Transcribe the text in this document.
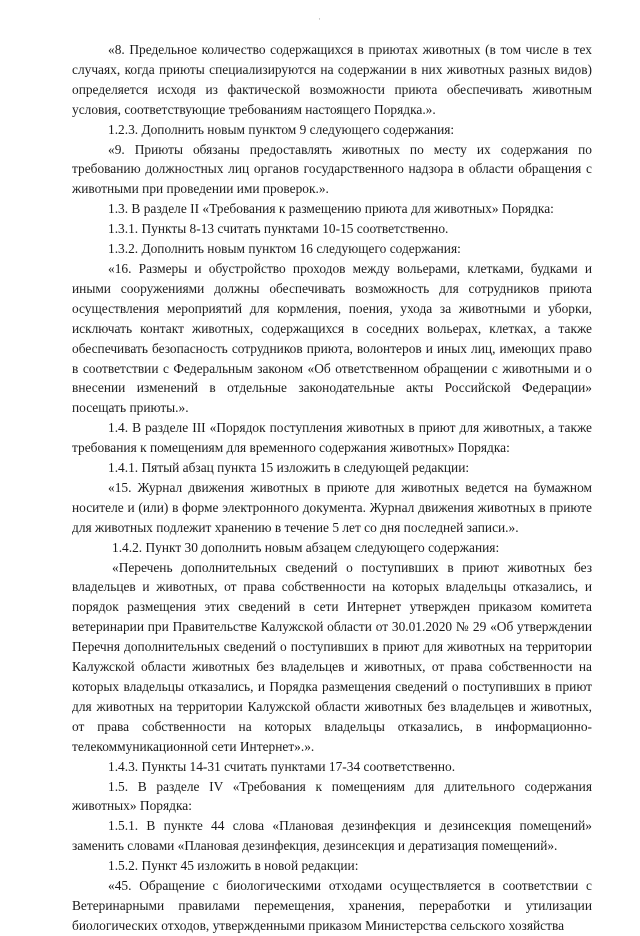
·

«8. Предельное количество содержащихся в приютах животных (в том числе в тех случаях, когда приюты специализируются на содержании в них животных разных видов) определяется исходя из фактической возможности приюта обеспечивать животным условия, соответствующие требованиям настоящего Порядка.».

1.2.3. Дополнить новым пунктом 9 следующего содержания:

«9. Приюты обязаны предоставлять животных по месту их содержания по требованию должностных лиц органов государственного надзора в области обращения с животными при проведении ими проверок.».

1.3. В разделе II «Требования к размещению приюта для животных» Порядка:

1.3.1. Пункты 8-13 считать пунктами 10-15 соответственно.

1.3.2. Дополнить новым пунктом 16 следующего содержания:

«16. Размеры и обустройство проходов между вольерами, клетками, будками и иными сооружениями должны обеспечивать возможность для сотрудников приюта осуществления мероприятий для кормления, поения, ухода за животными и уборки, исключать контакт животных, содержащихся в соседних вольерах, клетках, а также обеспечивать безопасность сотрудников приюта, волонтеров и иных лиц, имеющих право в соответствии с Федеральным законом «Об ответственном обращении с животными и о внесении изменений в отдельные законодательные акты Российской Федерации» посещать приюты.».

1.4. В разделе III «Порядок поступления животных в приют для животных, а также требования к помещениям для временного содержания животных» Порядка:

1.4.1. Пятый абзац пункта 15 изложить в следующей редакции:

«15. Журнал движения животных в приюте для животных ведется на бумажном носителе и (или) в форме электронного документа. Журнал движения животных в приюте для животных подлежит хранению в течение 5 лет со дня последней записи.».

1.4.2. Пункт 30 дополнить новым абзацем следующего содержания:

«Перечень дополнительных сведений о поступивших в приют животных без владельцев и животных, от права собственности на которых владельцы отказались, и порядок размещения этих сведений в сети Интернет утвержден приказом комитета ветеринарии при Правительстве Калужской области от 30.01.2020 № 29 «Об утверждении Перечня дополнительных сведений о поступивших в приют для животных на территории Калужской области животных без владельцев и животных, от права собственности на которых владельцы отказались, и Порядка размещения сведений о поступивших в приют для животных на территории Калужской области животных без владельцев и животных, от права собственности на которых владельцы отказались, в информационно-телекоммуникационной сети Интернет».».

1.4.3. Пункты 14-31 считать пунктами 17-34 соответственно.

1.5. В разделе IV «Требования к помещениям для длительного содержания животных» Порядка:

1.5.1. В пункте 44 слова «Плановая дезинфекция и дезинсекция помещений» заменить словами «Плановая дезинфекция, дезинсекция и дератизация помещений».

1.5.2. Пункт 45 изложить в новой редакции:

«45. Обращение с биологическими отходами осуществляется в соответствии с Ветеринарными правилами перемещения, хранения, переработки и утилизации биологических отходов, утвержденными приказом Министерства сельского хозяйства
